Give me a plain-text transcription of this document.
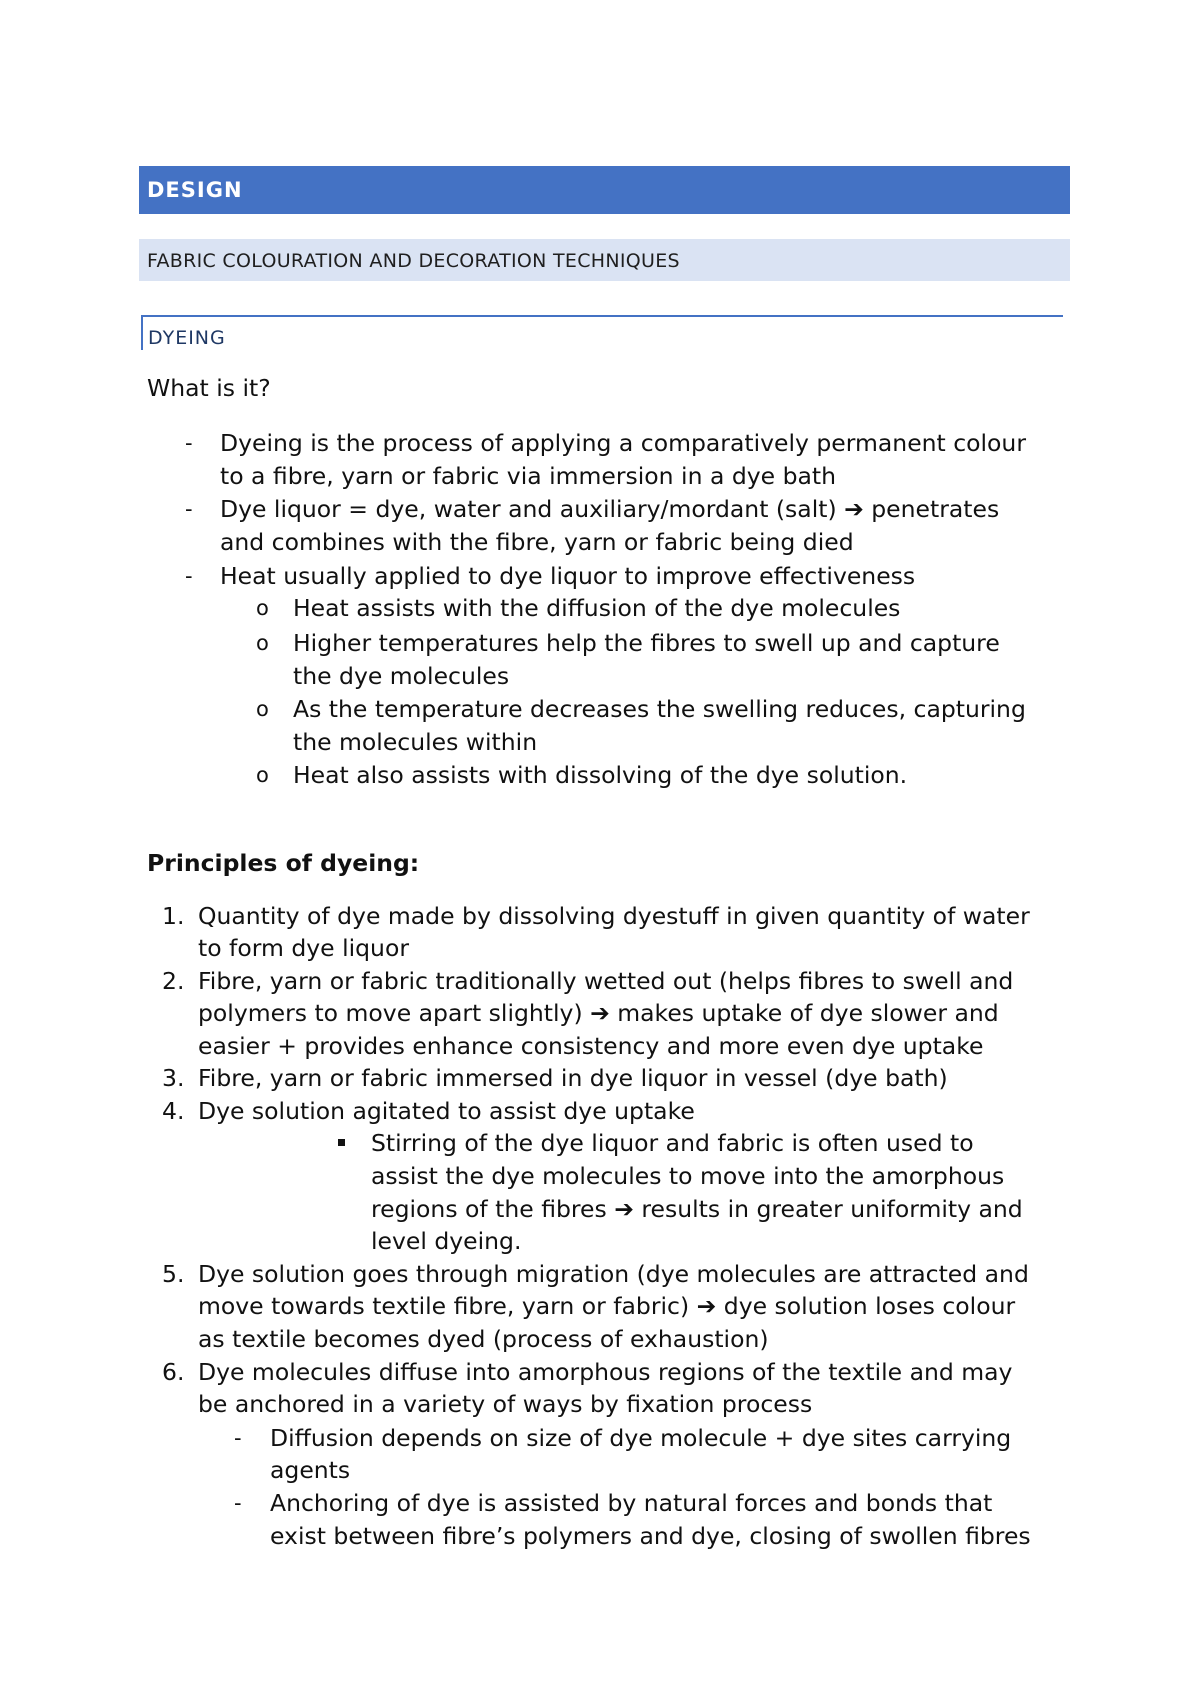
DESIGN
FABRIC COLOURATION AND DECORATION TECHNIQUES
DYEING
What is it?
- Dyeing is the process of applying a comparatively permanent colour
to a fibre, yarn or fabric via immersion in a dye bath
- Dye liquor = dye, water and auxiliary/mordant (salt) ➔ penetrates
and combines with the fibre, yarn or fabric being died
- Heat usually applied to dye liquor to improve effectiveness
o Heat assists with the diffusion of the dye molecules
o Higher temperatures help the fibres to swell up and capture
the dye molecules
o As the temperature decreases the swelling reduces, capturing
the molecules within
o Heat also assists with dissolving of the dye solution.
Principles of dyeing:
1. Quantity of dye made by dissolving dyestuff in given quantity of water
to form dye liquor
2. Fibre, yarn or fabric traditionally wetted out (helps fibres to swell and
polymers to move apart slightly) ➔ makes uptake of dye slower and
easier + provides enhance consistency and more even dye uptake
3. Fibre, yarn or fabric immersed in dye liquor in vessel (dye bath)
4. Dye solution agitated to assist dye uptake
Stirring of the dye liquor and fabric is often used to
assist the dye molecules to move into the amorphous
regions of the fibres ➔ results in greater uniformity and
level dyeing.
5. Dye solution goes through migration (dye molecules are attracted and
move towards textile fibre, yarn or fabric) ➔ dye solution loses colour
as textile becomes dyed (process of exhaustion)
6. Dye molecules diffuse into amorphous regions of the textile and may
be anchored in a variety of ways by fixation process
- Diffusion depends on size of dye molecule + dye sites carrying
agents
- Anchoring of dye is assisted by natural forces and bonds that
exist between fibre’s polymers and dye, closing of swollen fibres
